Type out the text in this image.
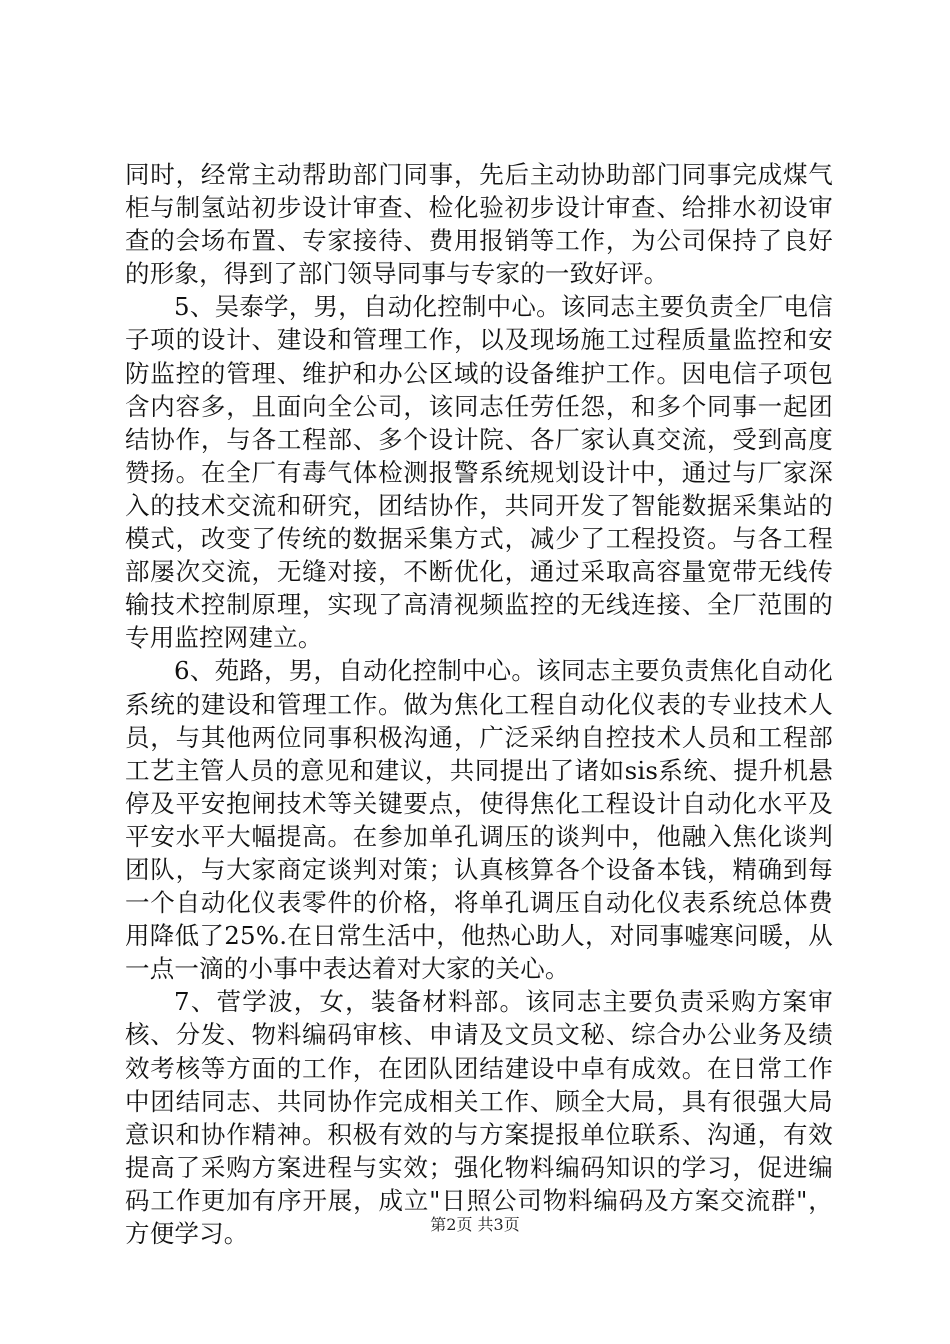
同时，经常主动帮助部门同事，先后主动协助部门同事完成煤气柜与制氢站初步设计审查、检化验初步设计审查、给排水初设审查的会场布置、专家接待、费用报销等工作，为公司保持了良好的形象，得到了部门领导同事与专家的一致好评。

5、吴泰学，男，自动化控制中心。该同志主要负责全厂电信子项的设计、建设和管理工作，以及现场施工过程质量监控和安防监控的管理、维护和办公区域的设备维护工作。因电信子项包含内容多，且面向全公司，该同志任劳任怨，和多个同事一起团结协作，与各工程部、多个设计院、各厂家认真交流，受到高度赞扬。在全厂有毒气体检测报警系统规划设计中，通过与厂家深入的技术交流和研究，团结协作，共同开发了智能数据采集站的模式，改变了传统的数据采集方式，减少了工程投资。与各工程部屡次交流，无缝对接，不断优化，通过采取高容量宽带无线传输技术控制原理，实现了高清视频监控的无线连接、全厂范围的专用监控网建立。

6、苑路，男，自动化控制中心。该同志主要负责焦化自动化系统的建设和管理工作。做为焦化工程自动化仪表的专业技术人员，与其他两位同事积极沟通，广泛采纳自控技术人员和工程部工艺主管人员的意见和建议，共同提出了诸如sis系统、提升机悬停及平安抱闸技术等关键要点，使得焦化工程设计自动化水平及平安水平大幅提高。在参加单孔调压的谈判中，他融入焦化谈判团队，与大家商定谈判对策；认真核算各个设备本钱，精确到每一个自动化仪表零件的价格，将单孔调压自动化仪表系统总体费用降低了25%.在日常生活中，他热心助人，对同事嘘寒问暖，从一点一滴的小事中表达着对大家的关心。

7、菅学波，女，装备材料部。该同志主要负责采购方案审核、分发、物料编码审核、申请及文员文秘、综合办公业务及绩效考核等方面的工作，在团队团结建设中卓有成效。在日常工作中团结同志、共同协作完成相关工作、顾全大局，具有很强大局意识和协作精神。积极有效的与方案提报单位联系、沟通，有效提高了采购方案进程与实效；强化物料编码知识的学习，促进编码工作更加有序开展，成立"日照公司物料编码及方案交流群"，方便学习。	第2页 共3页
